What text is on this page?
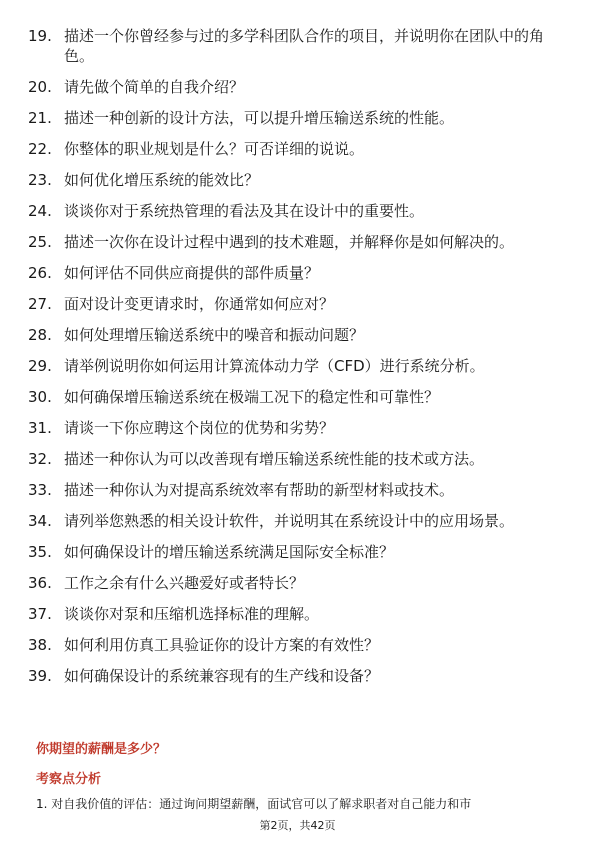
19. 描述一个你曾经参与过的多学科团队合作的项目，并说明你在团队中的角色。
20. 请先做个简单的自我介绍？
21. 描述一种创新的设计方法，可以提升增压输送系统的性能。
22. 你整体的职业规划是什么？可否详细的说说。
23. 如何优化增压系统的能效比？
24. 谈谈你对于系统热管理的看法及其在设计中的重要性。
25. 描述一次你在设计过程中遇到的技术难题，并解释你是如何解决的。
26. 如何评估不同供应商提供的部件质量？
27. 面对设计变更请求时，你通常如何应对？
28. 如何处理增压输送系统中的噪音和振动问题？
29. 请举例说明你如何运用计算流体动力学（CFD）进行系统分析。
30. 如何确保增压输送系统在极端工况下的稳定性和可靠性？
31. 请谈一下你应聘这个岗位的优势和劣势？
32. 描述一种你认为可以改善现有增压输送系统性能的技术或方法。
33. 描述一种你认为对提高系统效率有帮助的新型材料或技术。
34. 请列举您熟悉的相关设计软件，并说明其在系统设计中的应用场景。
35. 如何确保设计的增压输送系统满足国际安全标准？
36. 工作之余有什么兴趣爱好或者特长？
37. 谈谈你对泵和压缩机选择标准的理解。
38. 如何利用仿真工具验证你的设计方案的有效性？
39. 如何确保设计的系统兼容现有的生产线和设备？
你期望的薪酬是多少？
考察点分析

1. 对自我价值的评估：通过询问期望薪酬，面试官可以了解求职者对自己能力和市

第2页，共42页
